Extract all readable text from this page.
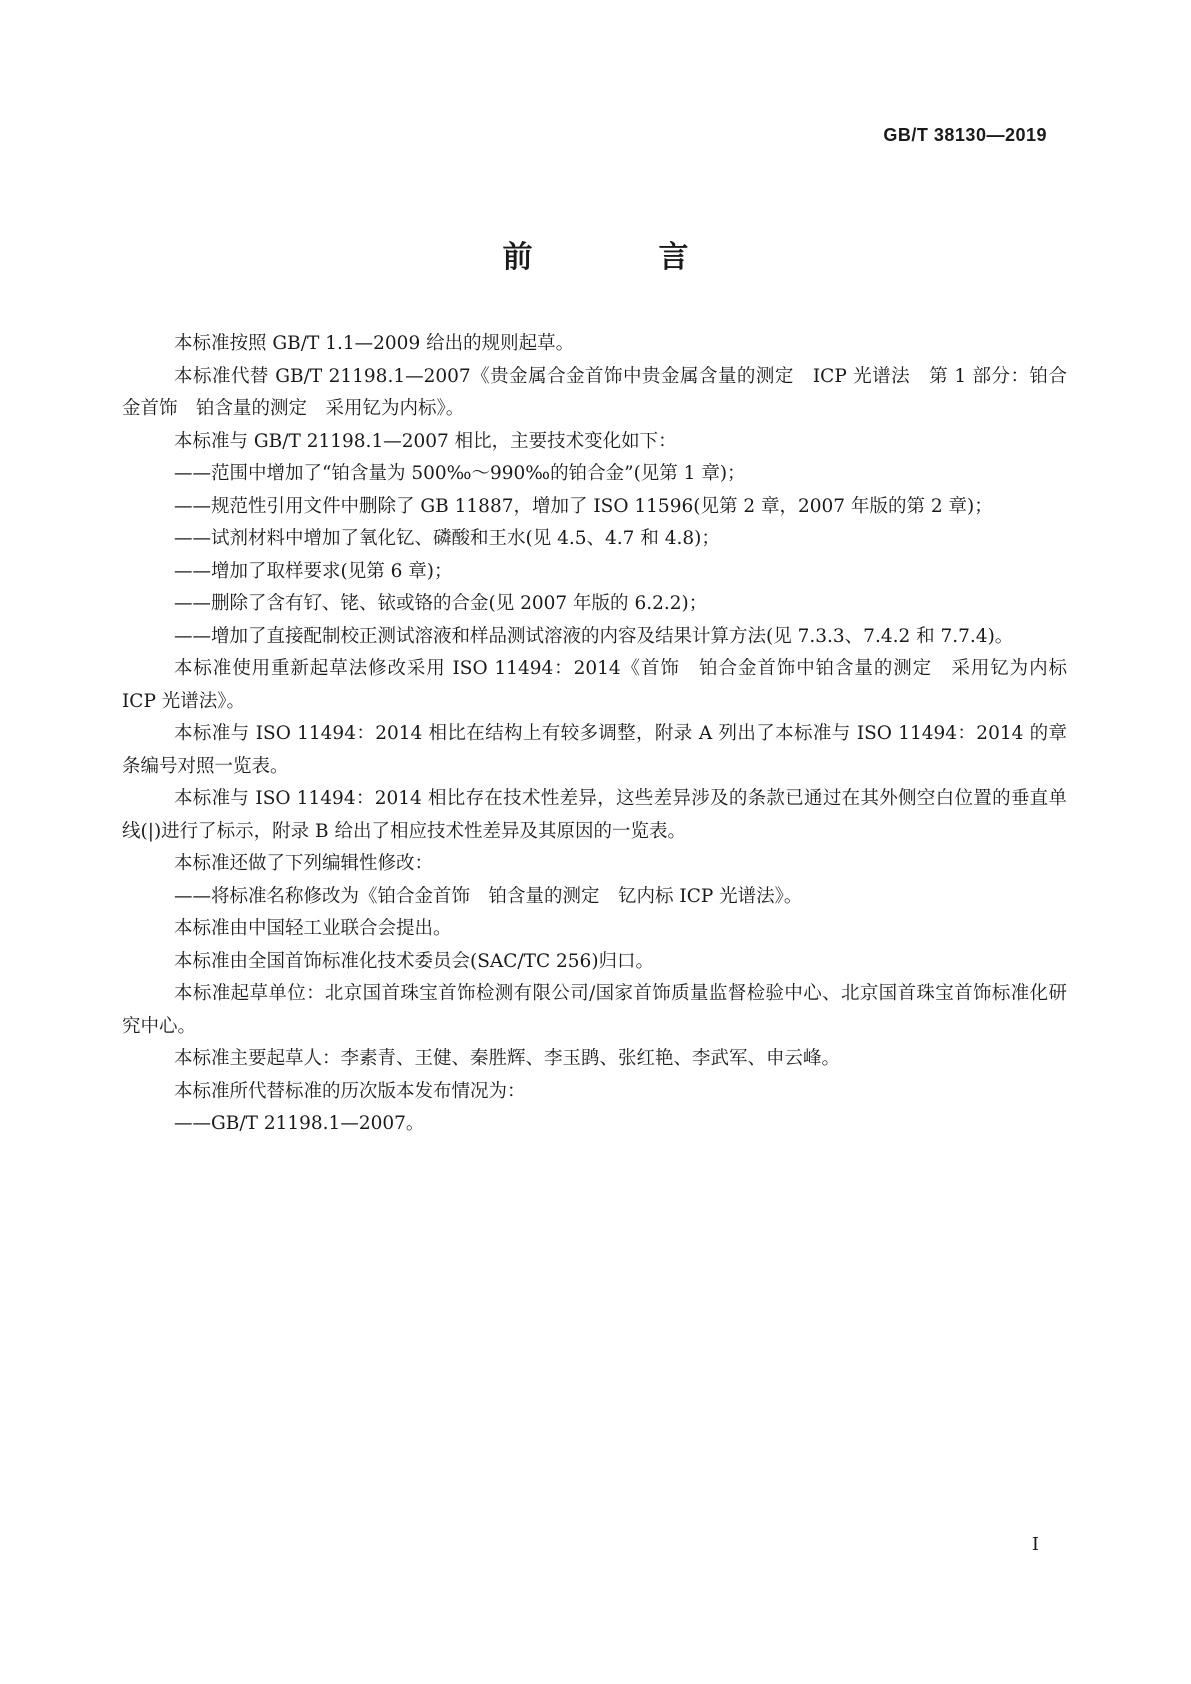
GB/T 38130—2019
前　言

本标准按照 GB/T 1.1—2009 给出的规则起草。

本标准代替 GB/T 21198.1—2007《贵金属合金首饰中贵金属含量的测定　ICP 光谱法　第 1 部分：铂合金首饰　铂含量的测定　采用钇为内标》。

本标准与 GB/T 21198.1—2007 相比，主要技术变化如下：

——范围中增加了“铂含量为 500‰～990‰的铂合金”(见第 1 章)；

——规范性引用文件中删除了 GB 11887，增加了 ISO 11596(见第 2 章，2007 年版的第 2 章)；

——试剂材料中增加了氧化钇、磷酸和王水(见 4.5、4.7 和 4.8)；

——增加了取样要求(见第 6 章)；

——删除了含有钌、铑、铱或铬的合金(见 2007 年版的 6.2.2)；

——增加了直接配制校正测试溶液和样品测试溶液的内容及结果计算方法(见 7.3.3、7.4.2 和 7.7.4)。

本标准使用重新起草法修改采用 ISO 11494：2014《首饰　铂合金首饰中铂含量的测定　采用钇为内标 ICP 光谱法》。

本标准与 ISO 11494：2014 相比在结构上有较多调整，附录 A 列出了本标准与 ISO 11494：2014 的章条编号对照一览表。

本标准与 ISO 11494：2014 相比存在技术性差异，这些差异涉及的条款已通过在其外侧空白位置的垂直单线(|)进行了标示，附录 B 给出了相应技术性差异及其原因的一览表。

本标准还做了下列编辑性修改：

——将标准名称修改为《铂合金首饰　铂含量的测定　钇内标 ICP 光谱法》。

本标准由中国轻工业联合会提出。

本标准由全国首饰标准化技术委员会(SAC/TC 256)归口。

本标准起草单位：北京国首珠宝首饰检测有限公司/国家首饰质量监督检验中心、北京国首珠宝首饰标准化研究中心。

本标准主要起草人：李素青、王健、秦胜辉、李玉鹍、张红艳、李武军、申云峰。

本标准所代替标准的历次版本发布情况为：

——GB/T 21198.1—2007。

I
